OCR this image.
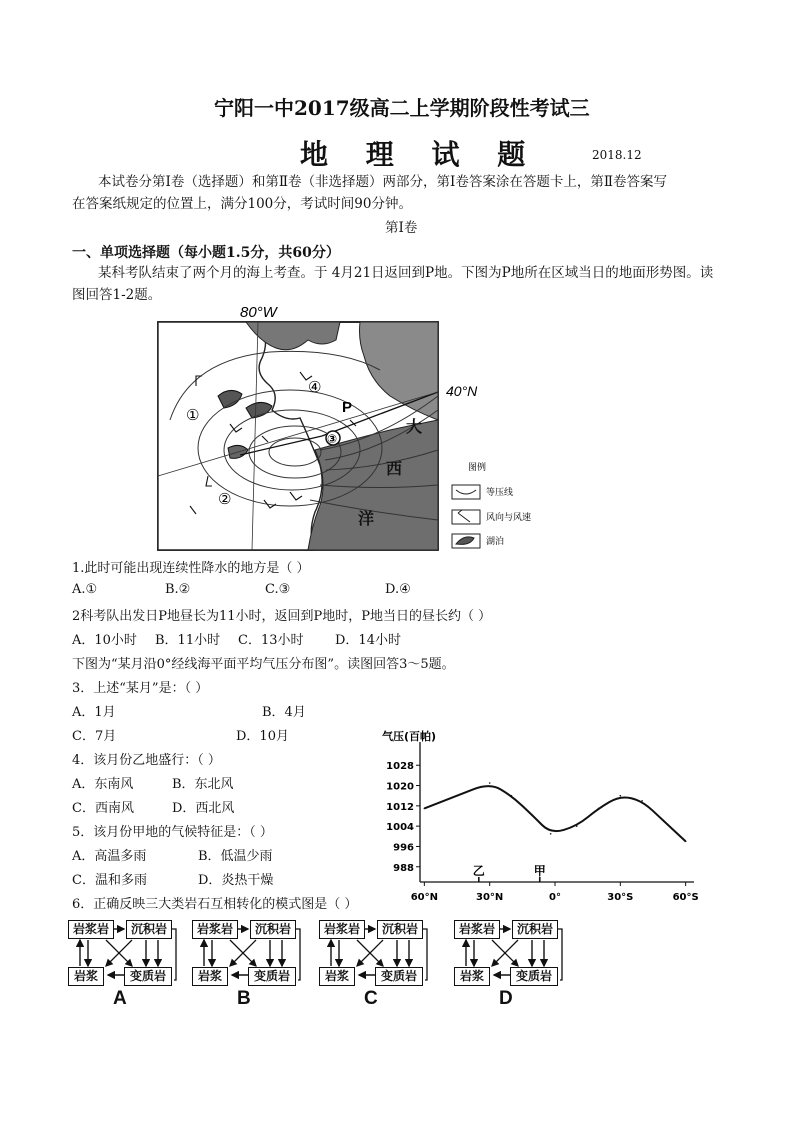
宁阳一中2017级高二上学期阶段性考试三
地 理 试 题	2018.12
本试卷分第Ⅰ卷（选择题）和第Ⅱ卷（非选择题）两部分，第Ⅰ卷答案涂在答题卡上，第Ⅱ卷答案写
在答案纸规定的位置上，满分100分，考试时间90分钟。
第Ⅰ卷
一、单项选择题（每小题1.5分，共60分）
某科考队结束了两个月的海上考查。于 4月21日返回到P地。下图为P地所在区域当日的地面形势图。读
图回答1-2题。
80°W
40°N
P
①
②
③
④
大
西
洋
图例
等压线
风向与风速
湖泊
1.此时可能出现连续性降水的地方是（ ）
A.①	B.②	C.③	D.④
2科考队出发日P地昼长为11小时，返回到P地时，P地当日的昼长约（ ）
A．10小时 B．11小时 C．13小时 D．14小时
下图为“某月沿0°经线海平面平均气压分布图”。读图回答3～5题。
3．上述“某月”是：（ ）
A．1月	B．4月
C．7月	D．10月
4．该月份乙地盛行：（ ）
A．东南风	B．东北风
C．西南风	D．西北风
5．该月份甲地的气候特征是：（ ）
A．高温多雨	B．低温少雨
C．温和多雨	D．炎热干燥
6．正确反映三大类岩石互相转化的模式图是（ ）
气压(百帕)
988
996
1004
1012
1020
1028
60°N	30°N	0°	30°S	60°S
乙	甲
岩浆岩	沉积岩
岩浆	变质岩
A
岩浆岩	沉积岩
岩浆	变质岩
B
岩浆岩	沉积岩
岩浆	变质岩
C
岩浆岩	沉积岩
岩浆	变质岩
D
